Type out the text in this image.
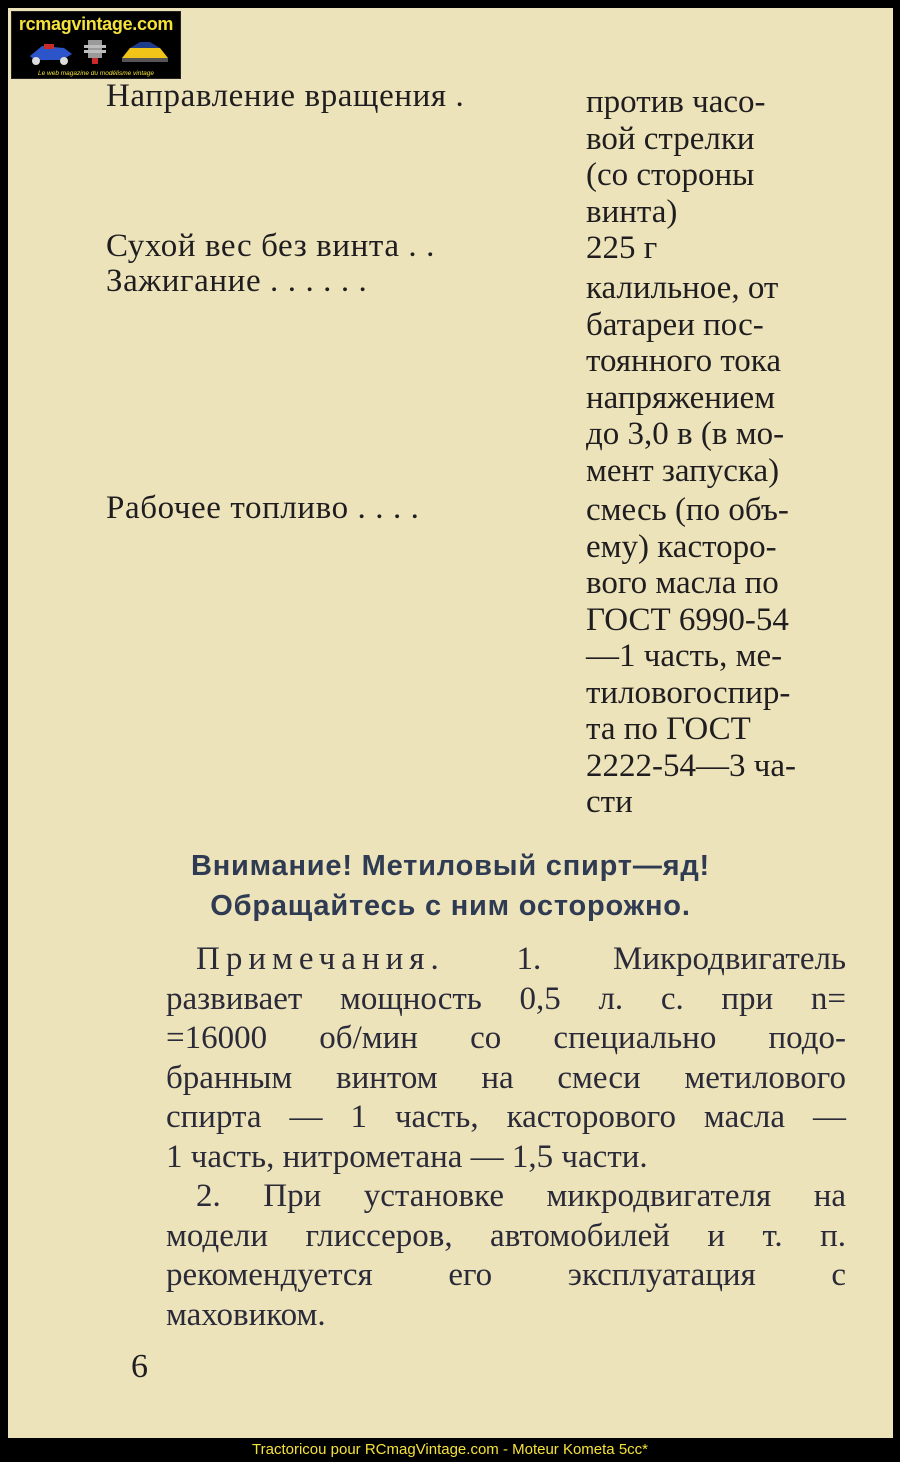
rcmagvintage.com
Le web magazine du modélisme vintage
Направление вращения .	против часо-
вой стрелки
(со стороны
винта)
Сухой вес без винта . .	225 г
Зажигание . . . . . .	калильное, от
батареи пос-
тоянного тока
напряжением
до 3,0 в (в мо-
мент запуска)
Рабочее топливо . . . .	смесь (по объ-
ему) касторо-
вого масла по
ГОСТ 6990-54
—1 часть, ме-
тиловогоспир-
та по ГОСТ
2222-54—3 ча-
сти
Внимание! Метиловый спирт—яд!
Обращайтесь с ним осторожно.
Примечания. 1. Микродвигатель
развивает мощность 0,5 л. с. при n=
=16000 об/мин со специально подо-
бранным винтом на смеси метилового
спирта — 1 часть, касторового масла —
1 часть, нитрометана — 1,5 части.
2. При установке микродвигателя на
модели глиссеров, автомобилей и т. п.
рекомендуется его эксплуатация с
маховиком.
6
Tractoricou pour RCmagVintage.com - Moteur Kometa 5cc*
